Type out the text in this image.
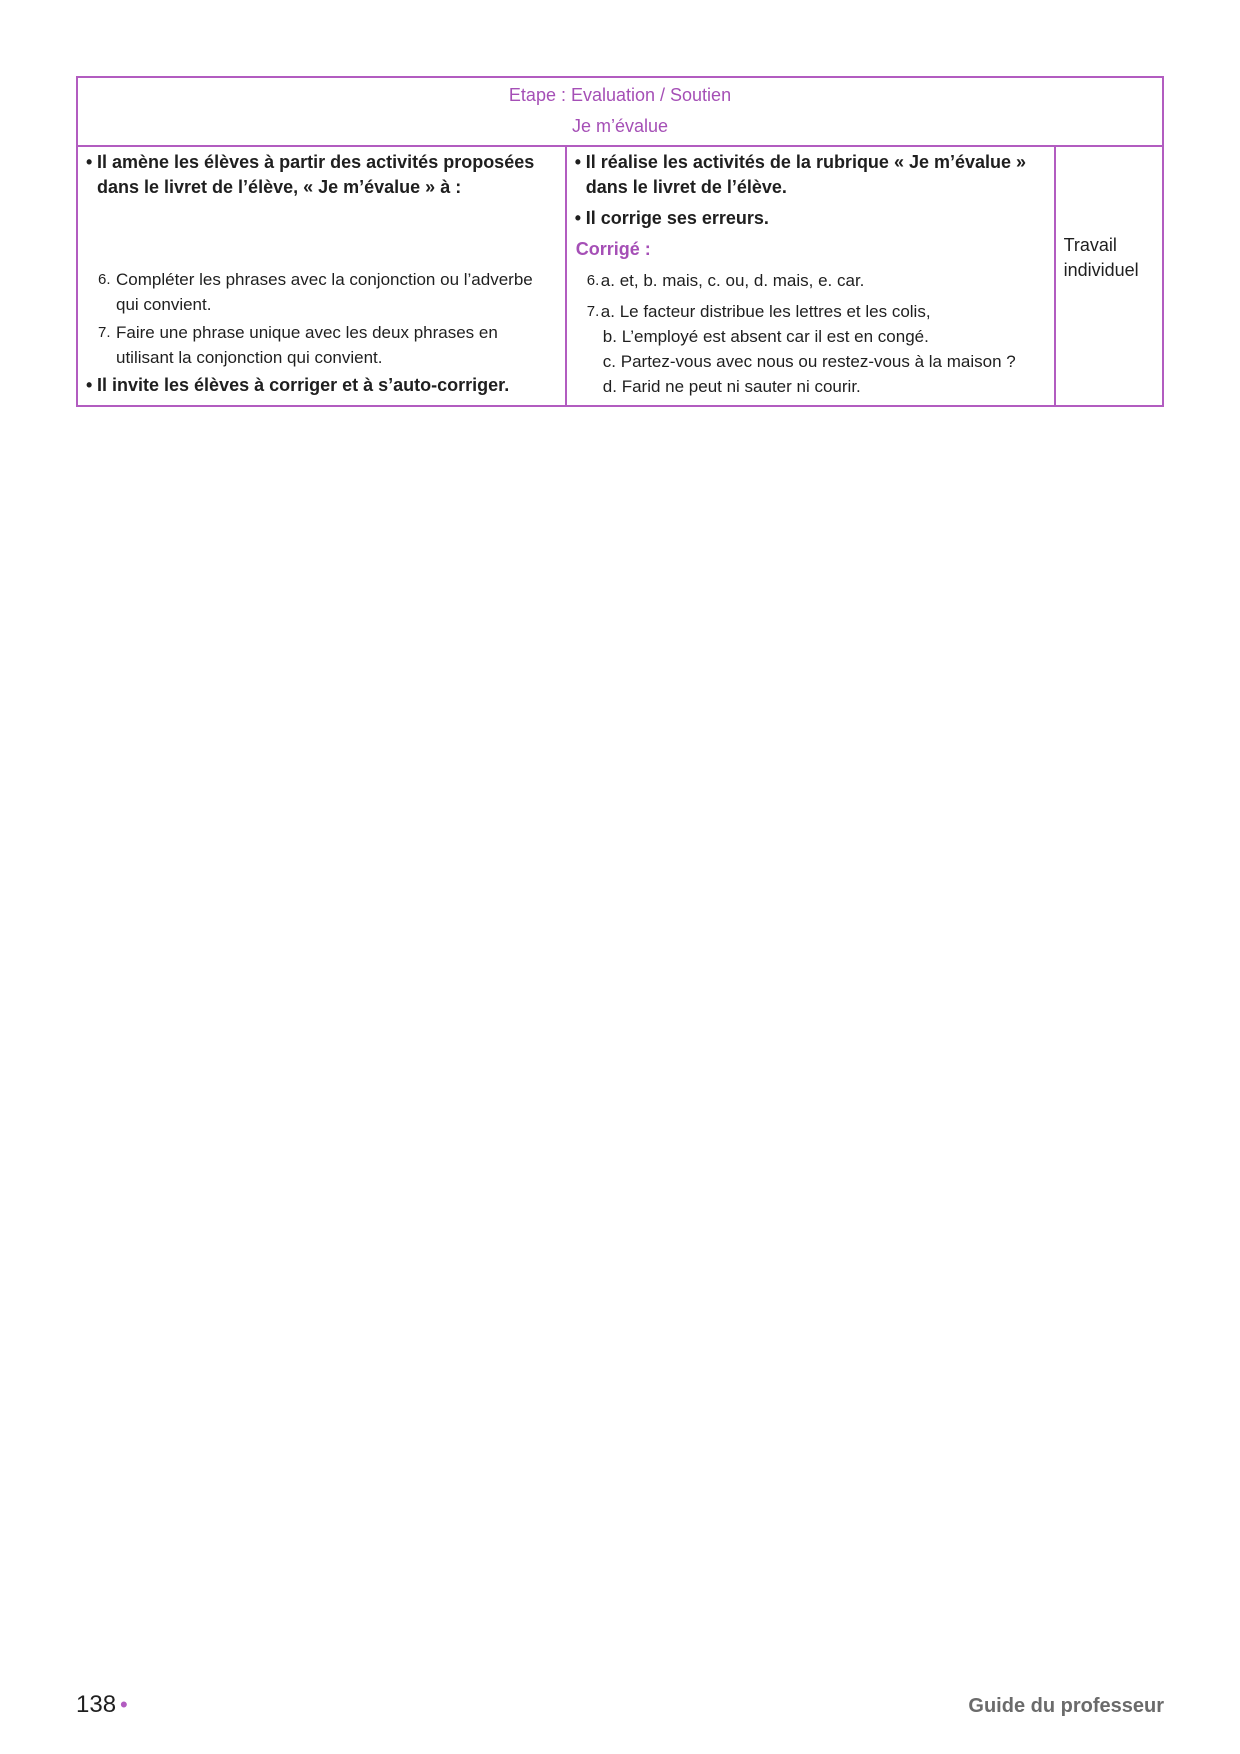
Etape : Evaluation / Soutien
Je m’évalue

• Il amène les élèves à partir des activités proposées dans le livret de l’élève, « Je m’évalue » à :
6. Compléter les phrases avec la conjonction ou l’adverbe qui convient.
7. Faire une phrase unique avec les deux phrases en utilisant la conjonction qui convient.
• Il invite les élèves à corriger et à s’auto-corriger.

• Il réalise les activités de la rubrique « Je m’évalue » dans le livret de l’élève.
• Il corrige ses erreurs.
Corrigé :
6. a. et, b. mais, c. ou, d. mais, e. car.
7. a. Le facteur distribue les lettres et les colis,
b. L’employé est absent car il est en congé.
c. Partez-vous avec nous ou restez-vous à la maison ?
d. Farid ne peut ni sauter ni courir.

Travail
individuel
138 •	Guide du professeur
